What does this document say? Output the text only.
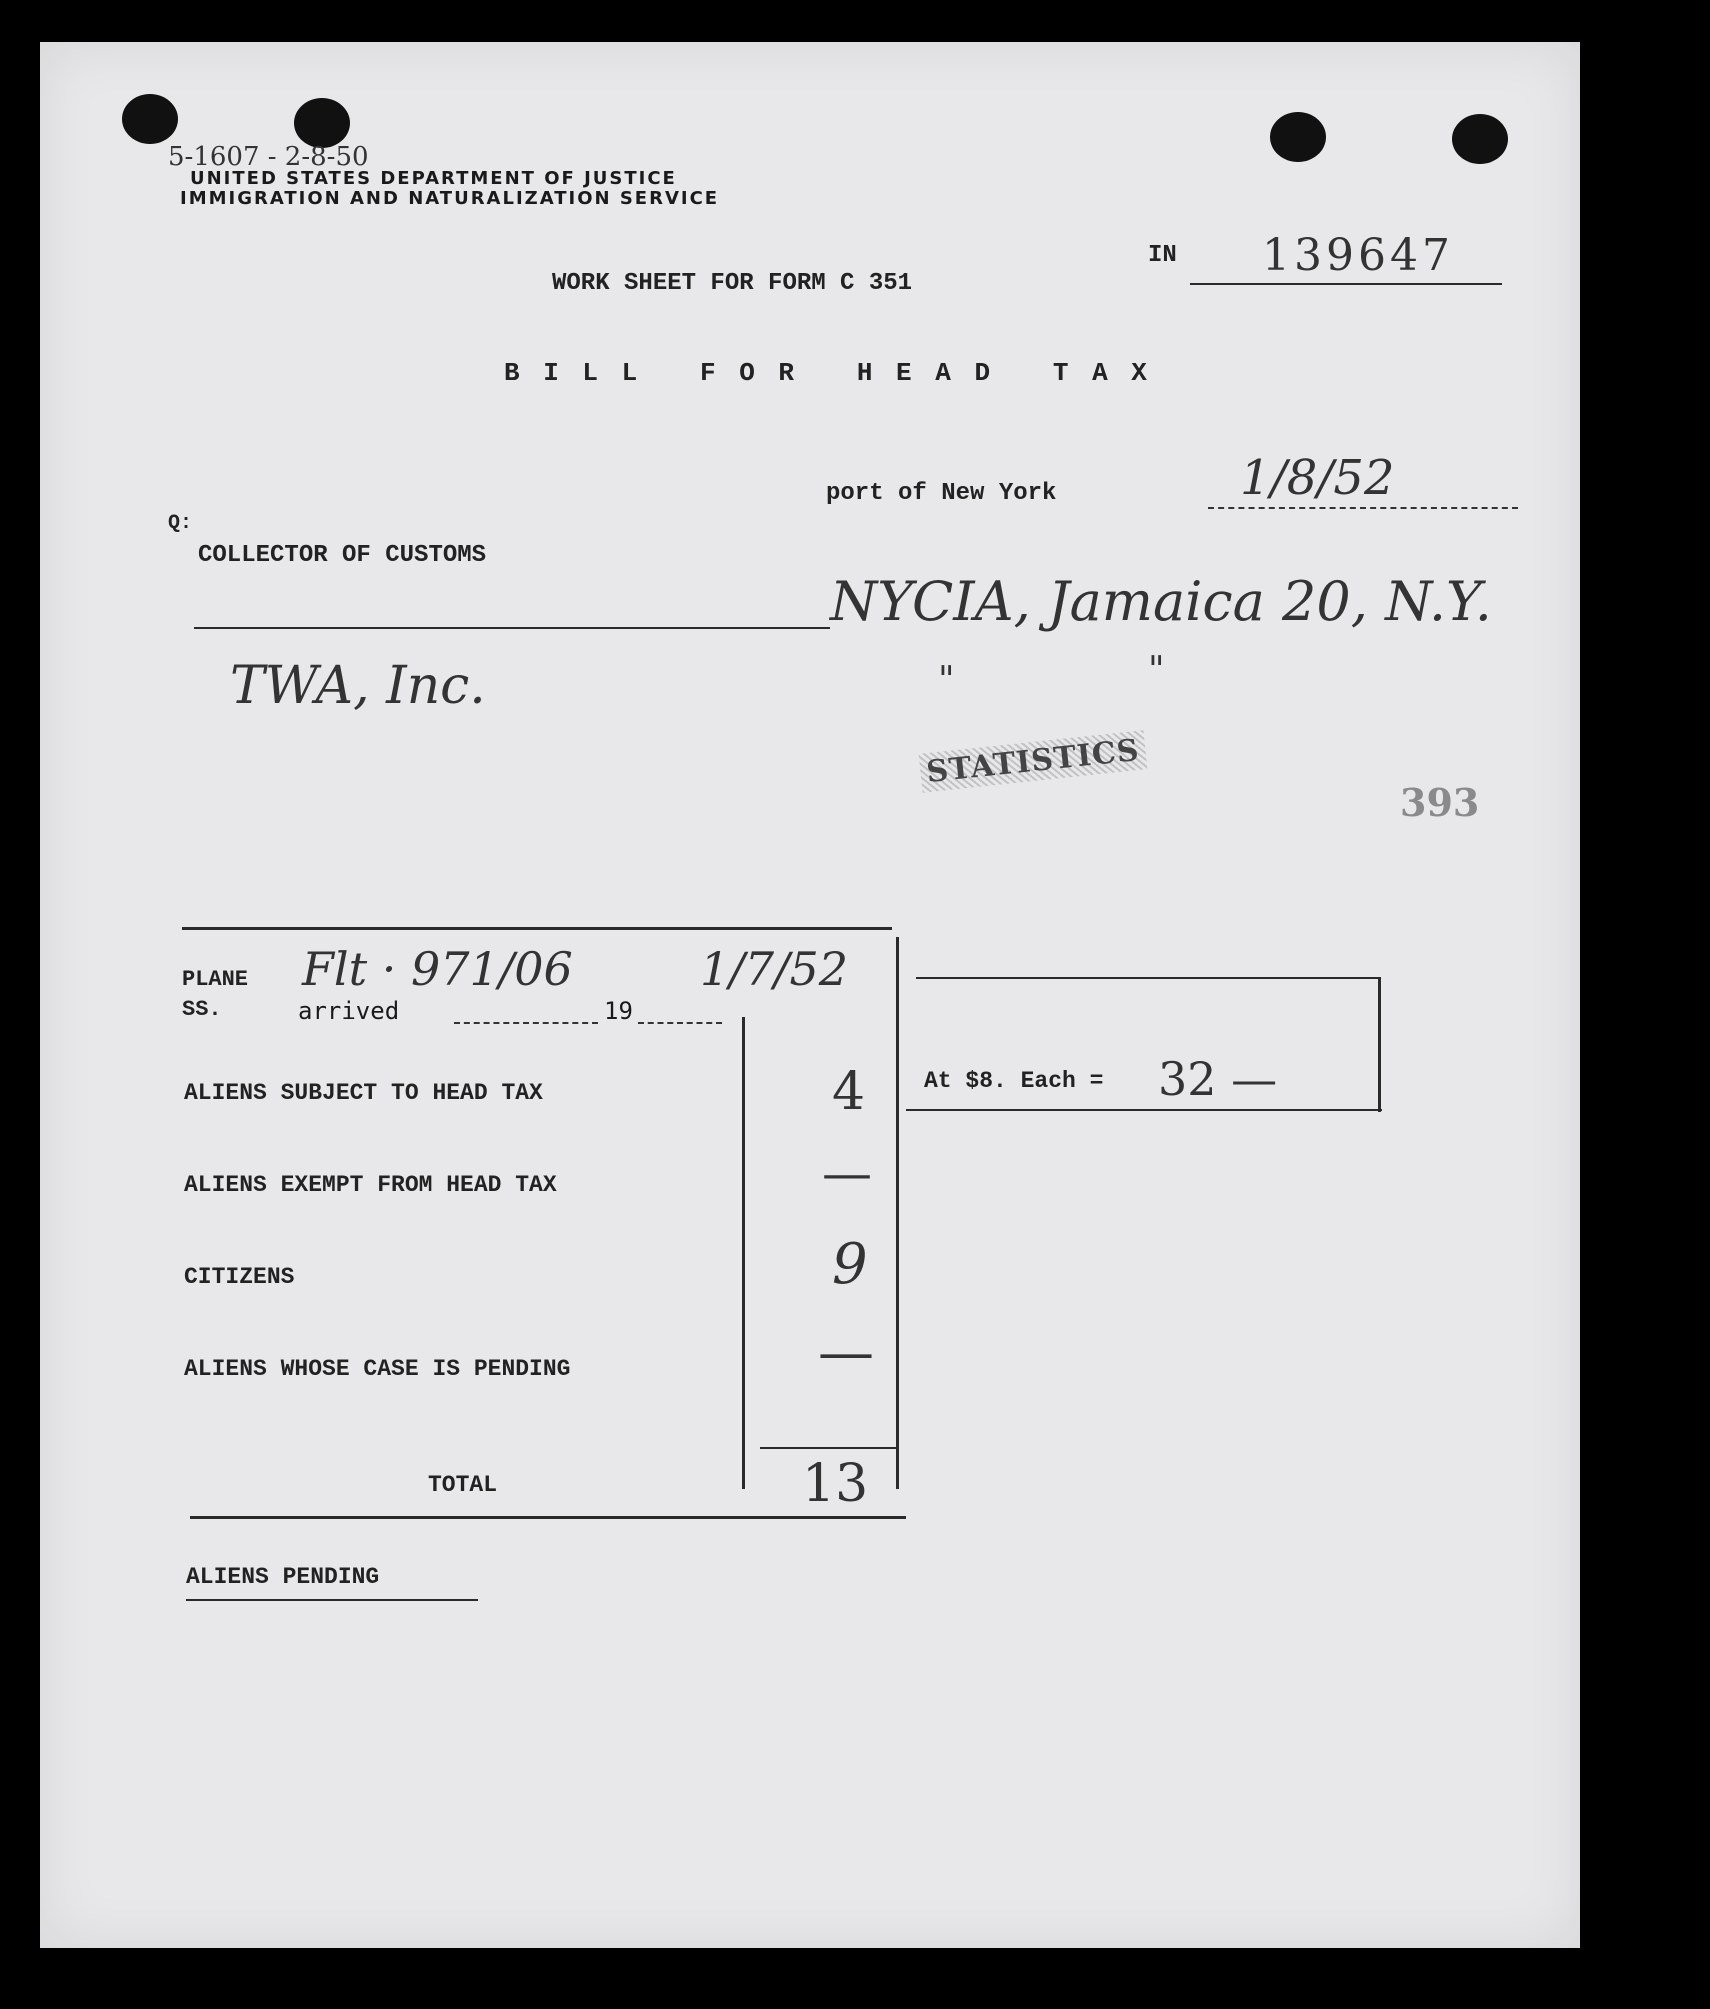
5-1607 - 2-8-50
UNITED STATES DEPARTMENT OF JUSTICE
IMMIGRATION AND NATURALIZATION SERVICE
IN 139647
WORK SHEET FOR FORM C 351
B I L L   F O R   H E A D   T A X
port of New York	1/8/52
Q:
COLLECTOR OF CUSTOMS
NYCIA, Jamaica 20, N.Y.
TWA, Inc.	"	"
STATISTICS
393
PLANE Flt · 971/06	1/7/52
SS.	arrived	19
ALIENS SUBJECT TO HEAD TAX	4
ALIENS EXEMPT FROM HEAD TAX	—
CITIZENS	9
ALIENS WHOSE CASE IS PENDING	—
TOTAL	13
At $8. Each = 32 —
ALIENS PENDING
